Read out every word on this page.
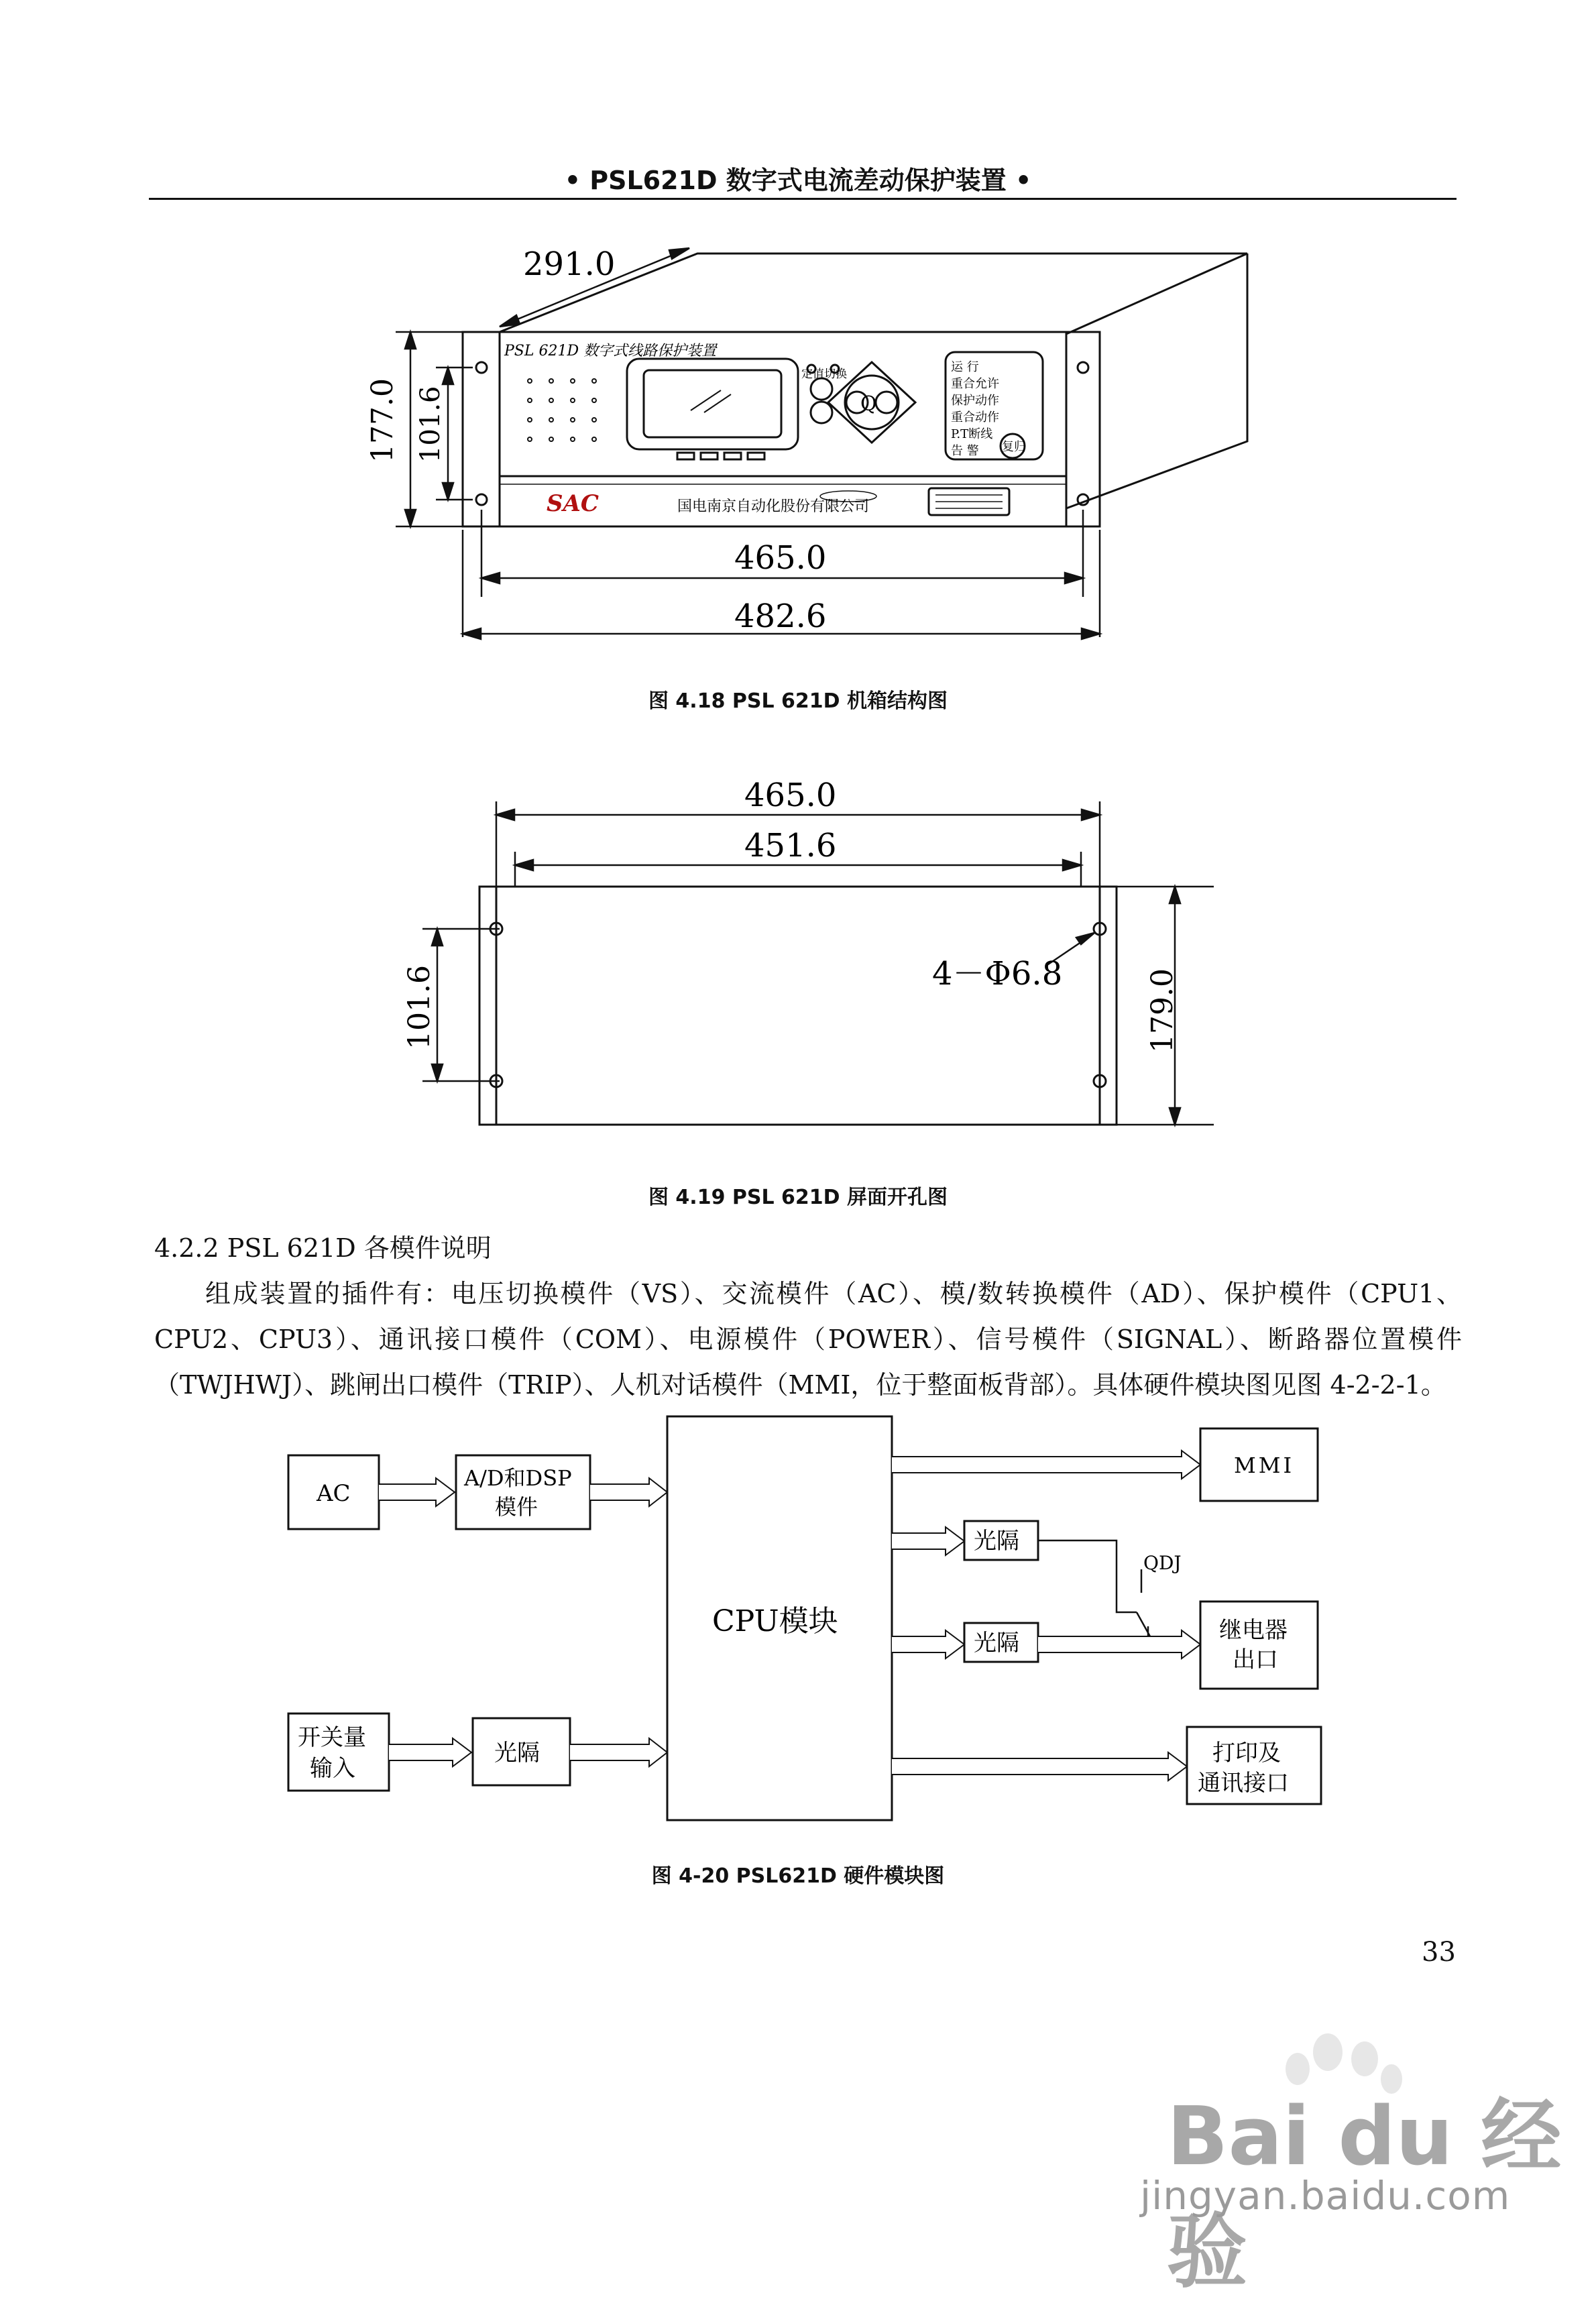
• PSL621D 数字式电流差动保护装置 •
291.0
177.0 101.6
465.0
482.6
PSL 621D 数字式线路保护装置
定值切换
Q
运 行
重合允许
保护动作
重合动作
P.T断线
告 警 复归
SAC	国电南京自动化股份有限公司
图 4.18 PSL 621D 机箱结构图
465.0
451.6
101.6	179.0
4－Φ6.8
图 4.19 PSL 621D 屏面开孔图
4.2.2 PSL 621D 各模件说明
组成装置的插件有：电压切换模件（VS）、交流模件（AC）、模/数转换模件（AD）、保护模件（CPU1、CPU2、CPU3）、通讯接口模件（COM）、电源模件（POWER）、信号模件（SIGNAL）、断路器位置模件（TWJHWJ）、跳闸出口模件（TRIP）、人机对话模件（MMI，位于整面板背部）。具体硬件模块图见图 4-2-2-1。
AC
A/D和DSP
模件
CPU模块
MMI
光隔
光隔
QDJ
继电器
出口
开关量
输入
光隔	打印及
通讯接口
图 4-20 PSL621D 硬件模块图
33
Bai du 经验
jingyan.baidu.com
